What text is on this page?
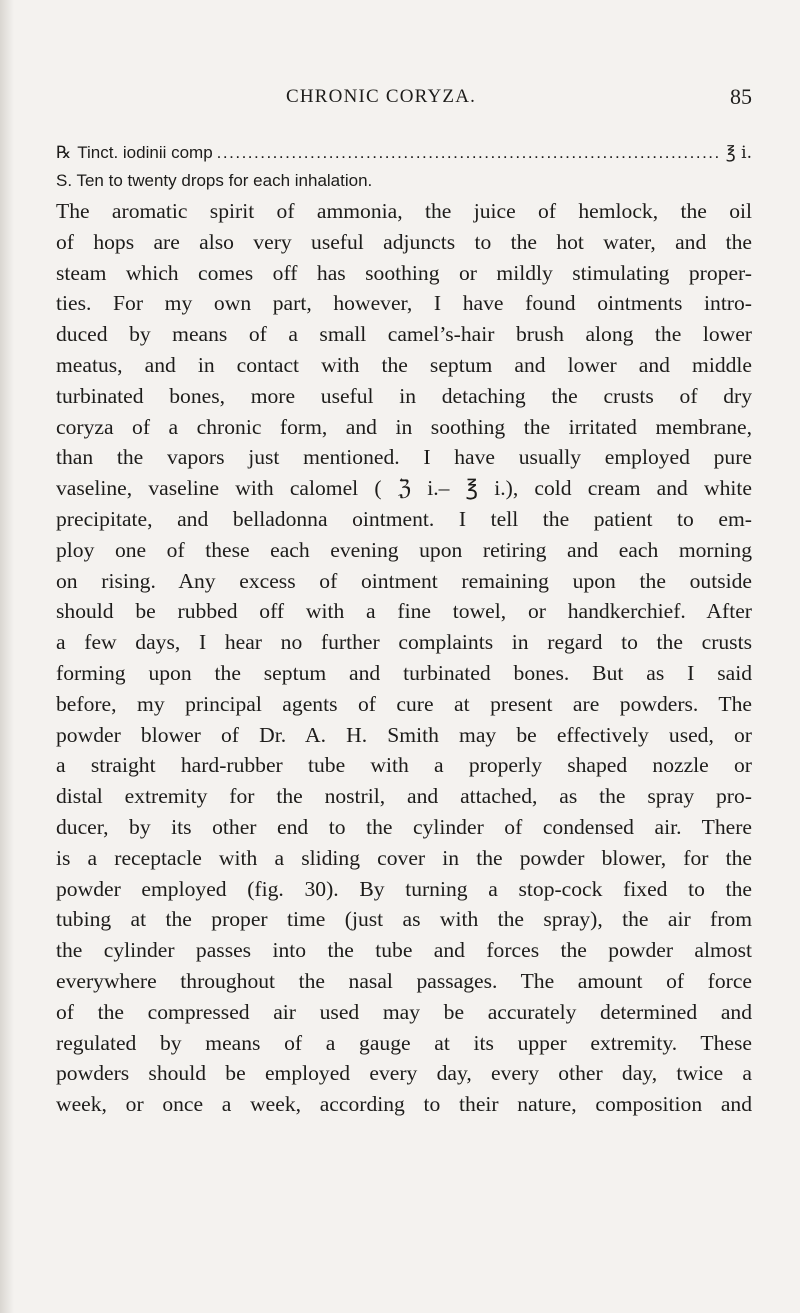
CHRONIC CORYZA.	85
℞ Tinct. iodinii comp
.....	℥ i.
S. Ten to twenty drops for each inhalation.
The aromatic spirit of ammonia, the juice of hemlock, the oil
of hops are also very useful adjuncts to the hot water, and the
steam which comes off has soothing or mildly stimulating proper-
ties. For my own part, however, I have found ointments intro-
duced by means of a small camel’s-hair brush along the lower
meatus, and in contact with the septum and lower and middle
turbinated bones, more useful in detaching the crusts of dry
coryza of a chronic form, and in soothing the irritated membrane,
than the vapors just mentioned. I have usually employed pure
vaseline, vaseline with calomel ( ℨ i.– ℥ i.), cold cream and white
precipitate, and belladonna ointment. I tell the patient to em-
ploy one of these each evening upon retiring and each morning
on rising. Any excess of ointment remaining upon the outside
should be rubbed off with a fine towel, or handkerchief. After
a few days, I hear no further complaints in regard to the crusts
forming upon the septum and turbinated bones. But as I said
before, my principal agents of cure at present are powders. The
powder blower of Dr. A. H. Smith may be effectively used, or
a straight hard-rubber tube with a properly shaped nozzle or
distal extremity for the nostril, and attached, as the spray pro-
ducer, by its other end to the cylinder of condensed air. There
is a receptacle with a sliding cover in the powder blower, for the
powder employed (fig. 30). By turning a stop-cock fixed to the
tubing at the proper time (just as with the spray), the air from
the cylinder passes into the tube and forces the powder almost
everywhere throughout the nasal passages. The amount of force
of the compressed air used may be accurately determined and
regulated by means of a gauge at its upper extremity. These
powders should be employed every day, every other day, twice a
week, or once a week, according to their nature, composition and
